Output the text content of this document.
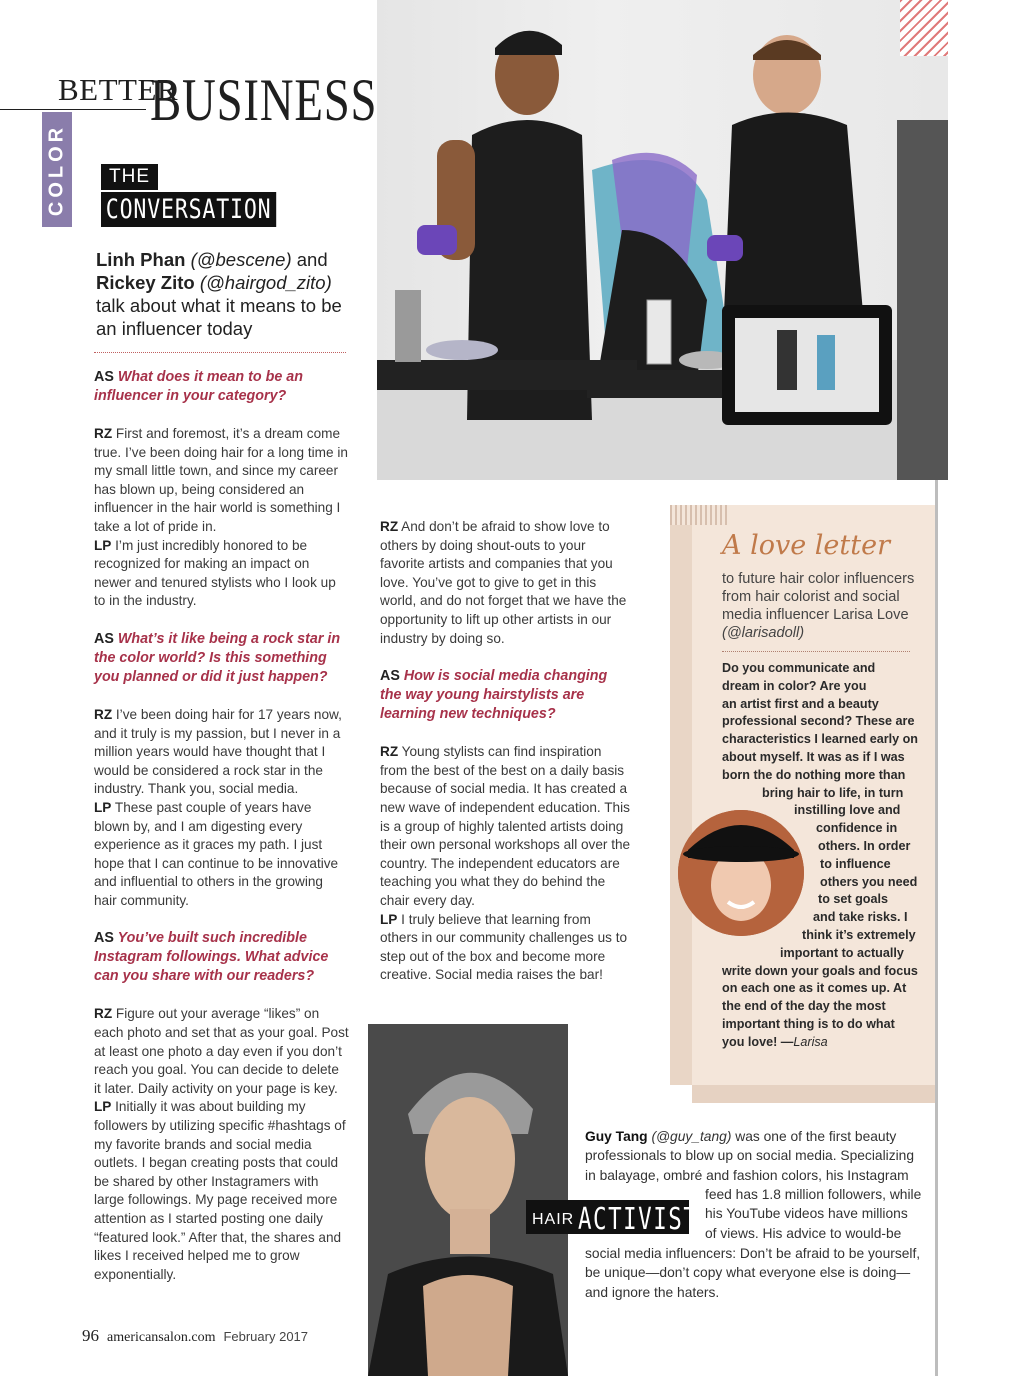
BETTER
BUSINESS
COLOR	THE
CONVERSATION
Linh Phan (@bescene) and
Rickey Zito (@hairgod_zito) talk about what it means to be an influencer today

AS What does it mean to be an influencer in your category?

RZ First and foremost, it’s a dream come true. I’ve been doing hair for a long time in my small little town, and since my career has blown up, being considered an influencer in the hair world is something I take a lot of pride in.

LP I’m just incredibly honored to be recognized for making an impact on newer and tenured stylists who I look up to in the industry.

AS What’s it like being a rock star in the color world? Is this something you planned or did it just happen?

RZ I’ve been doing hair for 17 years now, and it truly is my passion, but I never in a million years would have thought that I would be considered a rock star in the industry. Thank you, social media.

LP These past couple of years have blown by, and I am digesting every experience as it graces my path. I just hope that I can continue to be innovative and influential to others in the growing hair community.

AS You’ve built such incredible Instagram followings. What advice can you share with our readers?

RZ Figure out your average “likes” on each photo and set that as your goal. Post at least one photo a day even if you don’t reach you goal. You can decide to delete it later. Daily activity on your page is key.

LP Initially it was about building my followers by utilizing specific #hashtags of my favorite brands and social media outlets. I began creating posts that could be shared by other Instagramers with large followings. My page received more attention as I started posting one daily “featured look.” After that, the shares and likes I received helped me to grow exponentially.

RZ And don’t be afraid to show love to others by doing shout-outs to your favorite artists and companies that you love. You’ve got to give to get in this world, and do not forget that we have the opportunity to lift up other artists in our industry by doing so.

AS How is social media changing the way young hairstylists are learning new techniques?

RZ Young stylists can find inspiration from the best of the best on a daily basis because of social media. It has created a new wave of independent education. This is a group of highly talented artists doing their own personal workshops all over the country. The independent educators are teaching you what they do behind the chair every day.

LP I truly believe that learning from others in our community challenges us to step out of the box and become more creative. Social media raises the bar!

A love letter
to future hair color influencers from hair colorist and social media influencer Larisa Love (@larisadoll)
Do you communicate and
dream in color? Are you
an artist first and a beauty
professional second? These are
characteristics I learned early on
about myself. It was as if I was
born the do nothing more than
bring hair to life, in turn
instilling love and
confidence in
others. In order
to influence
others you need
to set goals
and take risks. I
think it’s extremely
important to actually
write down your goals and focus
on each one as it comes up. At
the end of the day the most
important thing is to do what
you love! —Larisa
HAIR ACTIVIST
Guy Tang (@guy_tang) was one of the first beauty
professionals to blow up on social media. Specializing
in balayage, ombré and fashion colors, his Instagram
feed has 1.8 million followers, while
his YouTube videos have millions
of views. His advice to would-be
social media influencers: Don’t be afraid to be yourself,
be unique—don’t copy what everyone else is doing—
and ignore the haters.
96 americansalon.com February 2017
